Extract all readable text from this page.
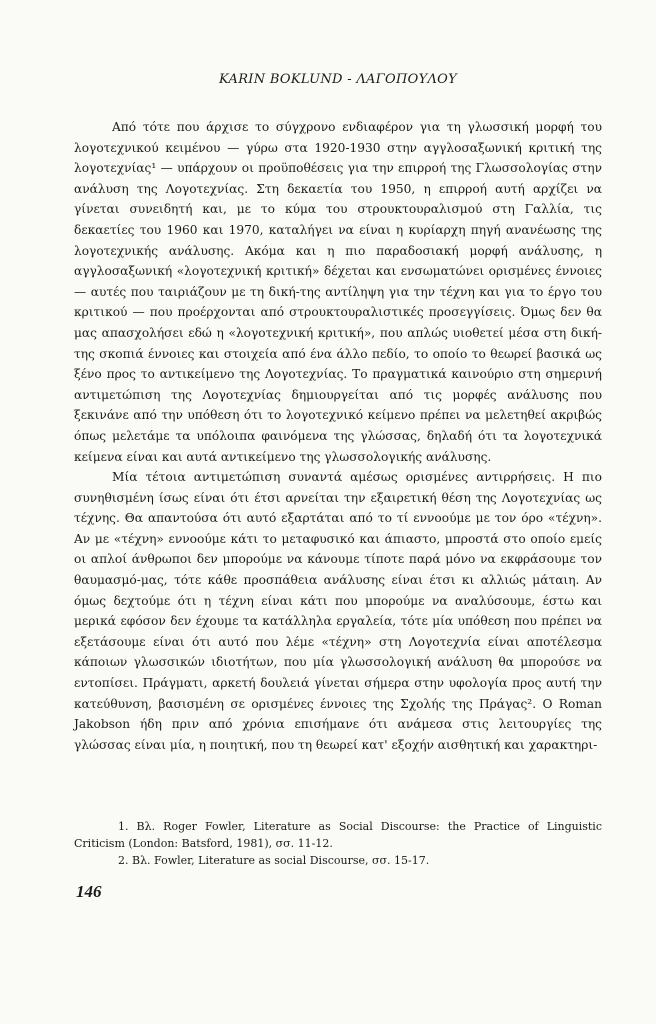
KARIN BOKLUND - ΛΑΓΟΠΟΥΛΟΥ

Από τότε που άρχισε το σύγχρονο ενδιαφέρον για τη γλωσσική μορφή του λογοτεχνικού κειμένου — γύρω στα 1920-1930 στην αγγλοσαξωνική κριτική της λογοτεχνίας¹ — υπάρχουν οι προϋποθέσεις για την επιρροή της Γλωσσολογίας στην ανάλυση της Λογοτεχνίας. Στη δεκαετία του 1950, η επιρροή αυτή αρχίζει να γίνεται συνειδητή και, με το κύμα του στρουκτουραλισμού στη Γαλλία, τις δεκαετίες του 1960 και 1970, καταλήγει να είναι η κυρίαρχη πηγή ανανέωσης της λογοτεχνικής ανάλυσης. Ακόμα και η πιο παραδοσιακή μορφή ανάλυσης, η αγγλοσαξωνική «λογοτεχνική κριτική» δέχεται και ενσωματώνει ορισμένες έννοιες — αυτές που ταιριάζουν με τη δική-της αντίληψη για την τέχνη και για το έργο του κριτικού — που προέρχονται από στρουκτουραλιστικές προσεγγίσεις. Όμως δεν θα μας απασχολήσει εδώ η «λογοτεχνική κριτική», που απλώς υιοθετεί μέσα στη δική-της σκοπιά έννοιες και στοιχεία από ένα άλλο πεδίο, το οποίο το θεωρεί βασικά ως ξένο προς το αντικείμενο της Λογοτεχνίας. Το πραγματικά καινούριο στη σημερινή αντιμετώπιση της Λογοτεχνίας δημιουργείται από τις μορφές ανάλυσης που ξεκινάνε από την υπόθεση ότι το λογοτεχνικό κείμενο πρέπει να μελετηθεί ακριβώς όπως μελετάμε τα υπόλοιπα φαινόμενα της γλώσσας, δηλαδή ότι τα λογοτεχνικά κείμενα είναι και αυτά αντικείμενο της γλωσσολογικής ανάλυσης.

Μία τέτοια αντιμετώπιση συναντά αμέσως ορισμένες αντιρρήσεις. Η πιο συνηθισμένη ίσως είναι ότι έτσι αρνείται την εξαιρετική θέση της Λογοτεχνίας ως τέχνης. Θα απαντούσα ότι αυτό εξαρτάται από το τί εννοούμε με τον όρο «τέχνη». Αν με «τέχνη» εννοούμε κάτι το μεταφυσικό και άπιαστο, μπροστά στο οποίο εμείς οι απλοί άνθρωποι δεν μπορούμε να κάνουμε τίποτε παρά μόνο να εκφράσουμε τον θαυμασμό-μας, τότε κάθε προσπάθεια ανάλυσης είναι έτσι κι αλλιώς μάταιη. Αν όμως δεχτούμε ότι η τέχνη είναι κάτι που μπορούμε να αναλύσουμε, έστω και μερικά εφόσον δεν έχουμε τα κατάλληλα εργαλεία, τότε μία υπόθεση που πρέπει να εξετάσουμε είναι ότι αυτό που λέμε «τέχνη» στη Λογοτεχνία είναι αποτέλεσμα κάποιων γλωσσικών ιδιοτήτων, που μία γλωσσολογική ανάλυση θα μπορούσε να εντοπίσει. Πράγματι, αρκετή δουλειά γίνεται σήμερα στην υφολογία προς αυτή την κατεύθυνση, βασισμένη σε ορισμένες έννοιες της Σχολής της Πράγας². Ο Roman Jakobson ήδη πριν από χρόνια επισήμανε ότι ανάμεσα στις λειτουργίες της γλώσσας είναι μία, η ποιητική, που τη θεωρεί κατ' εξοχήν αισθητική και χαρακτηρι-

1. Βλ. Roger Fowler, Literature as Social Discourse: the Practice of Linguistic Criticism (London: Batsford, 1981), σσ. 11-12.

2. Βλ. Fowler, Literature as social Discourse, σσ. 15-17.

146
